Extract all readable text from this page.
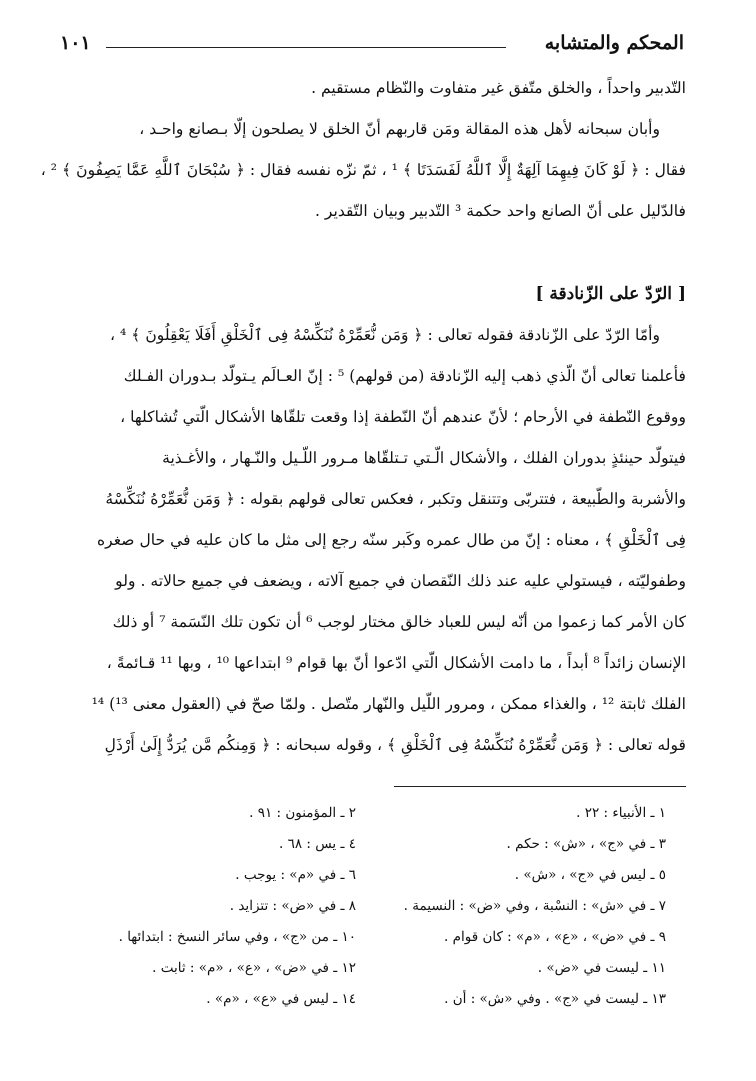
المحكم والمتشابه
١٠١
التّدبير واحداً ، والخلق متّفق غير متفاوت والنّظام مستقيم .
وأبان سبحانه لأهل هذه المقالة ومَن قاربهم أنّ الخلق لا يصلحون إلّا بـصانع واحـد ،
فقال : ﴿ لَوْ كَانَ فِيهِمَا آلِهَةٌ إِلَّا ٱللَّهُ لَفَسَدَتَا ﴾ ¹ ، ثمّ نزّه نفسه فقال : ﴿ سُبْحَانَ ٱللَّهِ عَمَّا يَصِفُونَ ﴾ ² ،
فالدّليل على أنّ الصانع واحد حكمة ³ التّدبير وبيان التّقدير .
[ الرّدّ على الزّنادقة ]
وأمّا الرّدّ على الزّنادقة فقوله تعالى : ﴿ وَمَن نُّعَمِّرْهُ نُنَكِّسْهُ فِى ٱلْخَلْقِ أَفَلَا يَعْقِلُونَ ﴾ ⁴ ،
فأعلمنا تعالى أنّ الّذي ذهب إليه الزّنادقة (من قولهم) ⁵ : إنّ العـالَم يـتولّد بـدوران الفـلك
ووقوع النّطفة في الأرحام ؛ لأنّ عندهم أنّ النّطفة إذا وقعت تلقّاها الأشكال الّتي تُشاكلها ،
فيتولّد حينئذٍ بدوران الفلك ، والأشكال الّـتي تـتلقّاها مـرور اللّـيل والنّـهار ، والأغـذية
والأشربة والطّبيعة ، فتتربّى وتتنقل وتكبر ، فعكس تعالى قولهم بقوله : ﴿ وَمَن نُّعَمِّرْهُ نُنَكِّسْهُ
فِى ٱلْخَلْقِ ﴾ ، معناه : إنّ من طال عمره وكَبر سنّه رجع إلى مثل ما كان عليه في حال صغره
وطفوليّته ، فيستولي عليه عند ذلك النّقصان في جميع آلاته ، ويضعف في جميع حالاته . ولو
كان الأمر كما زعموا من أنّه ليس للعباد خالق مختار لوجب ⁶ أن تكون تلك النّسَمة ⁷ أو ذلك
الإنسان زائداً ⁸ أبداً ، ما دامت الأشكال الّتي ادّعوا أنّ بها قوام ⁹ ابتداعها ¹⁰ ، وبها ¹¹ قـائمةً ،
الفلك ثابتة ¹² ، والغذاء ممكن ، ومرور اللّيل والنّهار متّصل . ولمّا صحّ في (العقول معنى ¹³) ¹⁴
قوله تعالى : ﴿ وَمَن نُّعَمِّرْهُ نُنَكِّسْهُ فِى ٱلْخَلْقِ ﴾ ، وقوله سبحانه : ﴿ وَمِنكُم مَّن يُرَدُّ إِلَىٰ أَرْذَلِ
١ ـ الأنبياء : ٢٢ .
٢ ـ المؤمنون : ٩١ .
٣ ـ في «ج» ، «ش» : حكم .
٤ ـ يس : ٦٨ .
٥ ـ ليس في «ج» ، «ش» .
٦ ـ في «م» : يوجب .
٧ ـ في «ش» : النسْبة ، وفي «ض» : النسيمة .
٨ ـ في «ض» : تتزايد .
٩ ـ في «ض» ، «ع» ، «م» : كان قوام .
١٠ ـ من «ج» ، وفي سائر النسخ : ابتدائها .
١١ ـ ليست في «ض» .
١٢ ـ في «ض» ، «ع» ، «م» : ثابت .
١٣ ـ ليست في «ج» . وفي «ش» : أن .
١٤ ـ ليس في «ع» ، «م» .
